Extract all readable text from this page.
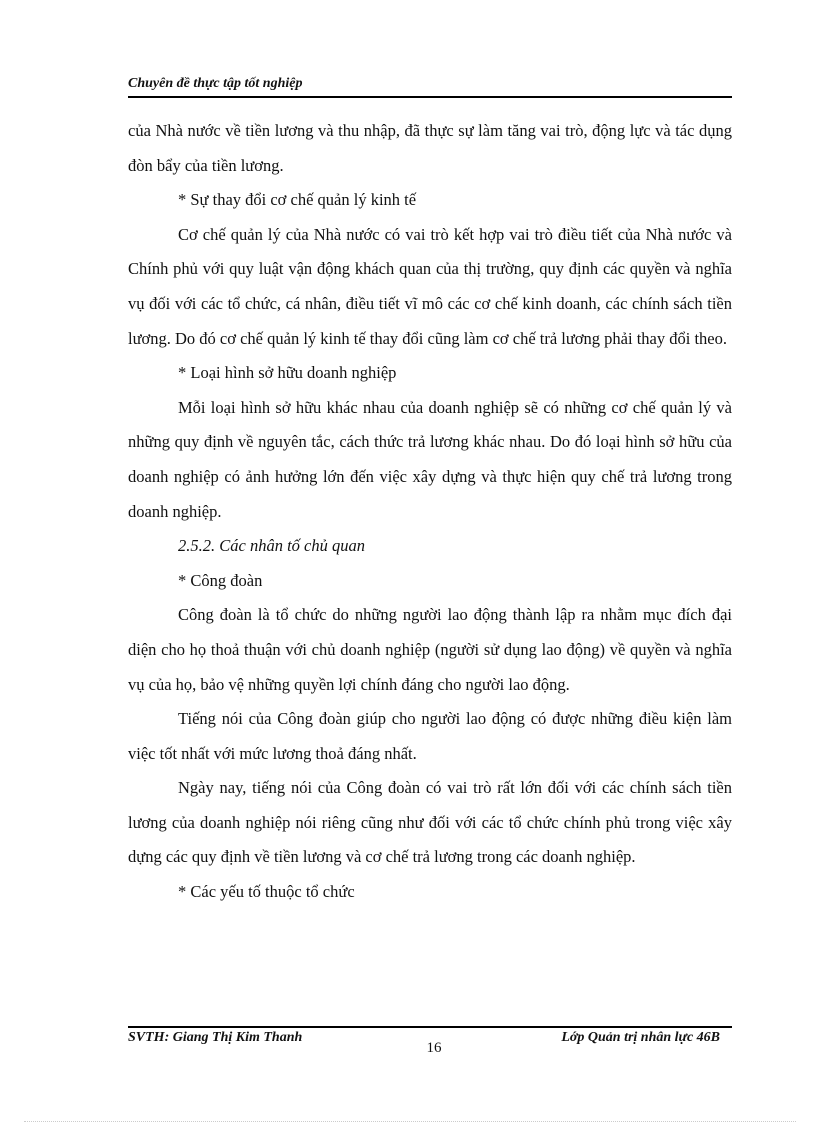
Chuyên đề thực tập tốt nghiệp

của Nhà nước về tiền lương và thu nhập, đã thực sự làm tăng vai trò, động lực và tác dụng đòn bẩy của tiền lương.

* Sự thay đổi cơ chế quản lý kinh tế

Cơ chế quản lý của Nhà nước có vai trò kết hợp vai trò điều tiết của Nhà nước và Chính phủ với quy luật vận động khách quan của thị trường, quy định các quyền và nghĩa vụ đối với các tổ chức, cá nhân, điều tiết vĩ mô các cơ chế kinh doanh, các chính sách tiền lương. Do đó cơ chế quản lý kinh tế thay đổi cũng làm cơ chế trả lương phải thay đổi theo.

* Loại hình sở hữu doanh nghiệp

Mỗi loại hình sở hữu khác nhau của doanh nghiệp sẽ có những cơ chế quản lý và những quy định về nguyên tắc, cách thức trả lương khác nhau. Do đó loại hình sở hữu của doanh nghiệp có ảnh hưởng lớn đến việc xây dựng và thực hiện quy chế trả lương trong doanh nghiệp.

2.5.2. Các nhân tố chủ quan

* Công đoàn

Công đoàn là tổ chức do những người lao động thành lập ra nhằm mục đích đại diện cho họ thoả thuận với chủ doanh nghiệp (người sử dụng lao động) về quyền và nghĩa vụ của họ, bảo vệ những quyền lợi chính đáng cho người lao động.

Tiếng nói của Công đoàn giúp cho người lao động có được những điều kiện làm việc tốt nhất với mức lương thoả đáng nhất.

Ngày nay, tiếng nói của Công đoàn có vai trò rất lớn đối với các chính sách tiền lương của doanh nghiệp nói riêng cũng như đối với các tổ chức chính phủ trong việc xây dựng các quy định về tiền lương và cơ chế trả lương trong các doanh nghiệp.

* Các yếu tố thuộc tổ chức

SVTH: Giang Thị Kim Thanh
16
Lớp Quản trị nhân lực 46B
